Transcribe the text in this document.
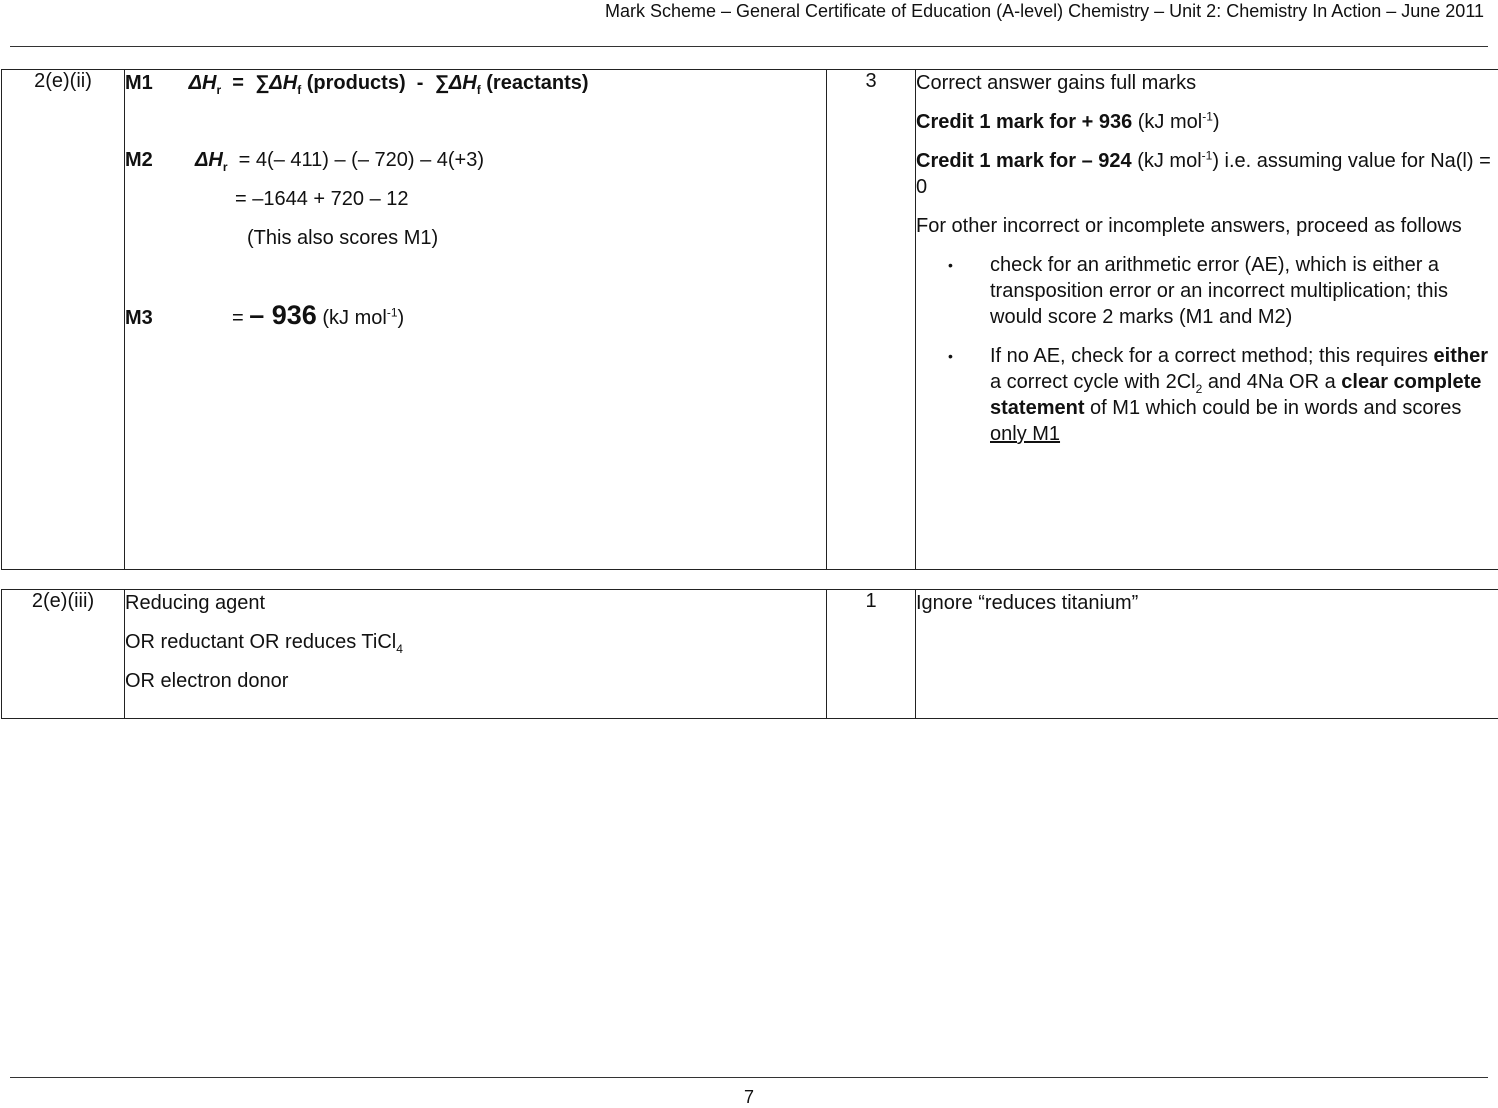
Mark Scheme – General Certificate of Education (A-level) Chemistry – Unit 2: Chemistry In Action – June 2011
2(e)(ii)	M1 $\Delta H_r = \sum\Delta H_f$ (products) - $\sum\Delta H_f$ (reactants)
M2 $\Delta H_r = 4(-$ 411) – (– 720) – 4(+3)
= –1644 + 720 – 12
(This also scores M1)
M3	= – 936 (kJ mol$^{-1}$)
	3	Correct answer gains full marks

Credit 1 mark for + 936 (kJ mol$^{-1}$)

Credit 1 mark for – 924 (kJ mol$^{-1}$) i.e. assuming value for Na(l) = 0

For other incorrect or incomplete answers, proceed as follows

• check for an arithmetic error (AE), which is either a transposition error or an incorrect multiplication; this would score 2 marks (M1 and M2)
• If no AE, check for a correct method; this requires either a correct cycle with $2Cl_2$ and 4Na OR a clear complete statement of M1 which could be in words and scores only M1
2(e)(iii)	Reducing agent
OR reductant OR reduces TiCl$_4$
OR electron donor
	1	Ignore “reduces titanium”

7
